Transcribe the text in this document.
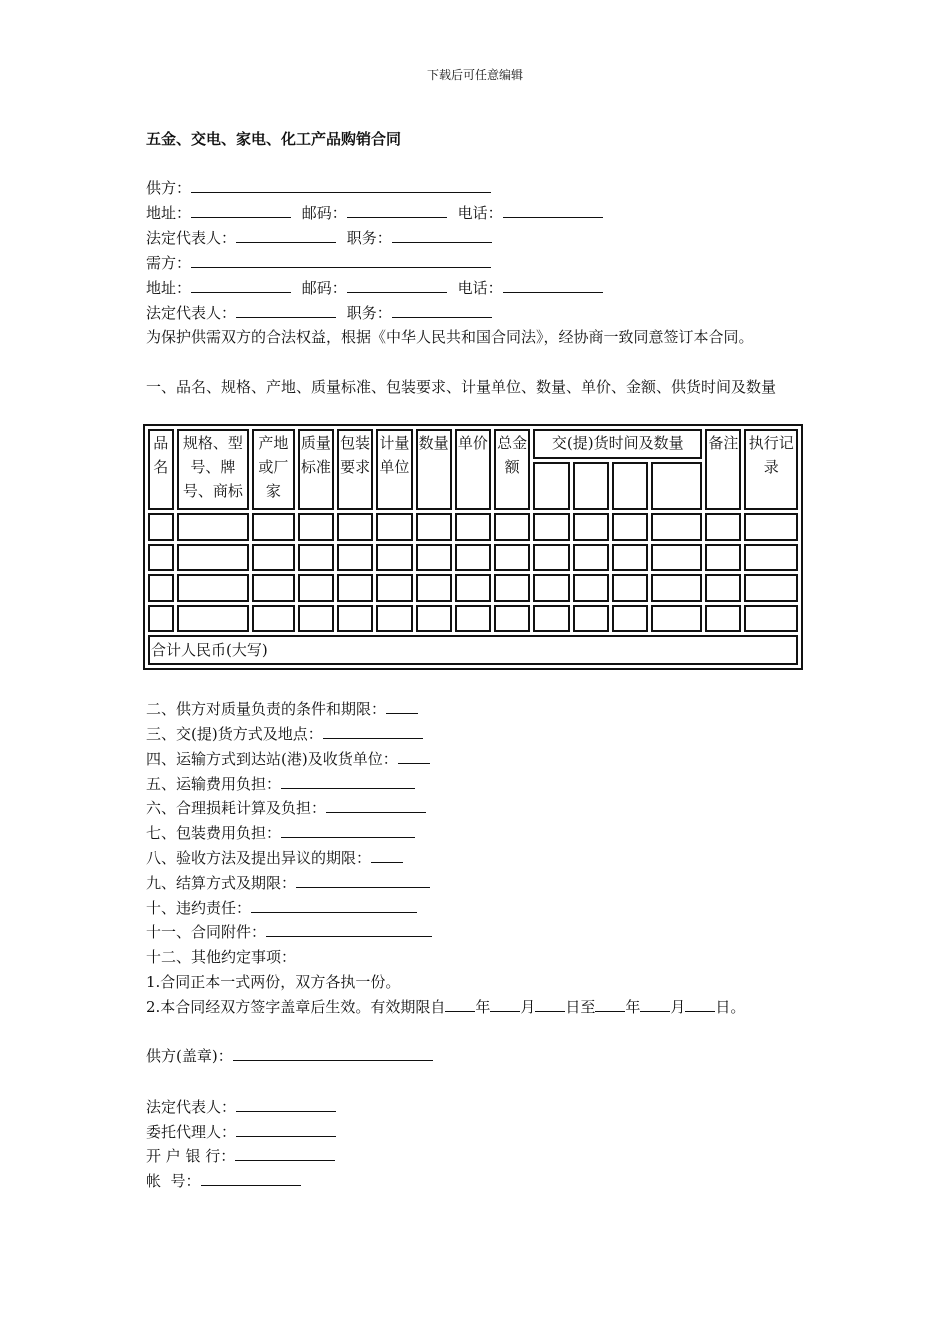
下载后可任意编辑
五金、交电、家电、化工产品购销合同
供方：
地址：	邮码：	电话：
法定代表人：	职务：
需方：
地址：	邮码：	电话：
法定代表人：	职务：
为保护供需双方的合法权益，根据《中华人民共和国合同法》，经协商一致同意签订本合同。
一、品名、规格、产地、质量标准、包装要求、计量单位、数量、单价、金额、供货时间及数量
品名	规格、型号、牌号、商标	产地或厂家	质量标准	包装要求	计量单位	数量	单价	总金额	交(提)货时间及数量				备注	执行记录

合计人民币(大写)														
二、供方对质量负责的条件和期限：
三、交(提)货方式及地点：
四、运输方式到达站(港)及收货单位：
五、运输费用负担：
六、合理损耗计算及负担：
七、包装费用负担：
八、验收方法及提出异议的期限：
九、结算方式及期限：
十、违约责任：
十一、合同附件：
十二、其他约定事项：
1.合同正本一式两份，双方各执一份。
2.本合同经双方签字盖章后生效。有效期限自 年 月 日至 年 月 日。
供方(盖章)：
法定代表人：
委托代理人：
开 户 银 行：
帐  号：
